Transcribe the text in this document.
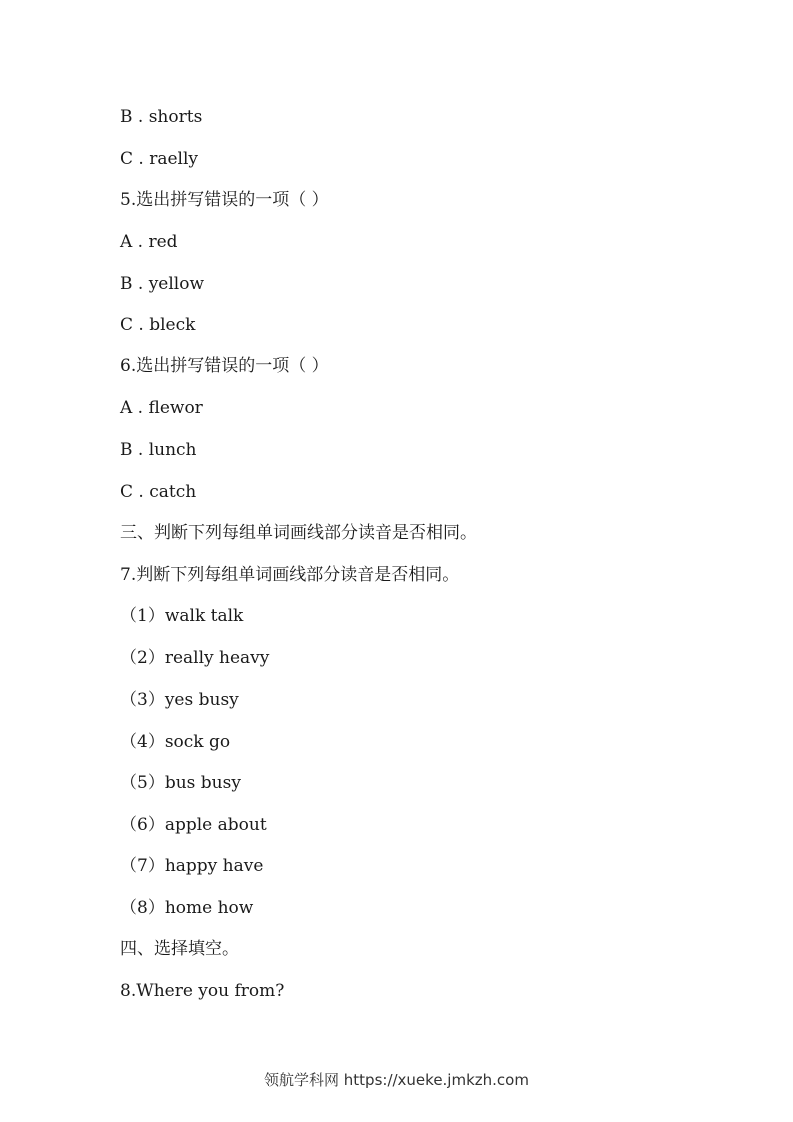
B . shorts
C . raelly
5.选出拼写错误的一项（ ）
A . red
B . yellow
C . bleck
6.选出拼写错误的一项（ ）
A . flewor
B . lunch
C . catch
三、判断下列每组单词画线部分读音是否相同。
7.判断下列每组单词画线部分读音是否相同。
（1）walk talk
（2）really heavy
（3）yes busy
（4）sock go
（5）bus busy
（6）apple about
（7）happy have
（8）home how
四、选择填空。
8.Where you from?
领航学科网 https://xueke.jmkzh.com
